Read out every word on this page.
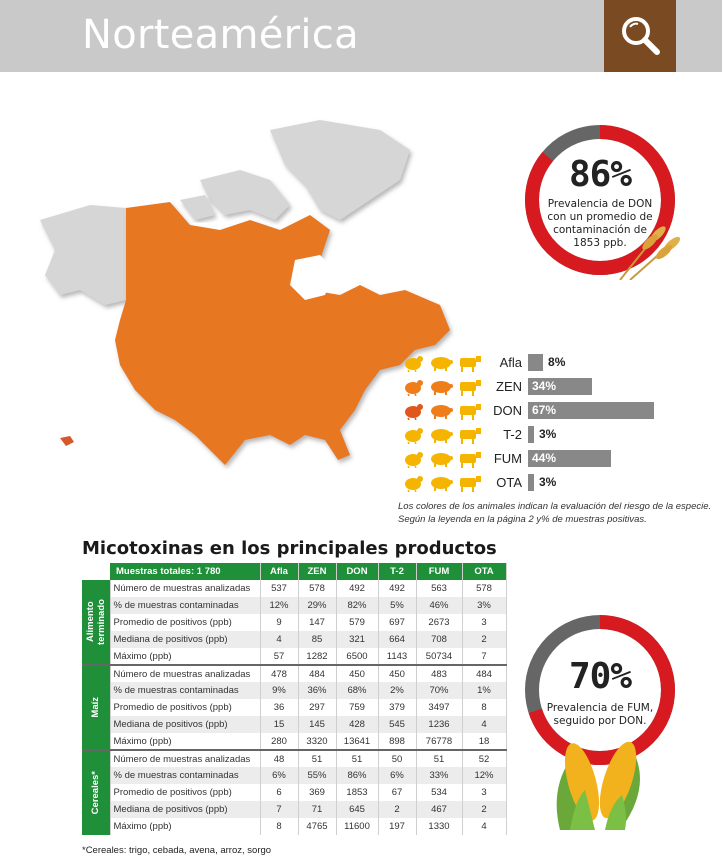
Norteamérica
86%
Prevalencia de DON con un promedio de contaminación de 1853 ppb.
Afla 8%
ZEN 34%
DON 67%
T-2 3%
FUM 44%
OTA 3%
Los colores de los animales indican la evaluación del riesgo de la especie. Según la leyenda en la página 2 y% de muestras positivas.
Micotoxinas en los principales productos
	Muestras totales: 1 780	Afla	ZEN	DON	T-2	FUM	OTA

Alimento terminado	Número de muestras analizadas	537	578	492	492	563	578
	% de muestras contaminadas	12%	29%	82%	5%	46%	3%
	Promedio de positivos (ppb)	9	147	579	697	2673	3
	Mediana de positivos (ppb)	4	85	321	664	708	2
	Máximo (ppb)	57	1282	6500	1143	50734	7

Maíz	Número de muestras analizadas	478	484	450	450	483	484
	% de muestras contaminadas	9%	36%	68%	2%	70%	1%
	Promedio de positivos (ppb)	36	297	759	379	3497	8
	Mediana de positivos (ppb)	15	145	428	545	1236	4
	Máximo (ppb)	280	3320	13641	898	76778	18

Cereales*	Número de muestras analizadas	48	51	51	50	51	52
	% de muestras contaminadas	6%	55%	86%	6%	33%	12%
	Promedio de positivos (ppb)	6	369	1853	67	534	3
	Mediana de positivos (ppb)	7	71	645	2	467	2
	Máximo (ppb)	8	4765	11600	197	1330	4
70%
Prevalencia de FUM, seguido por DON.
*Cereales: trigo, cebada, avena, arroz, sorgo
